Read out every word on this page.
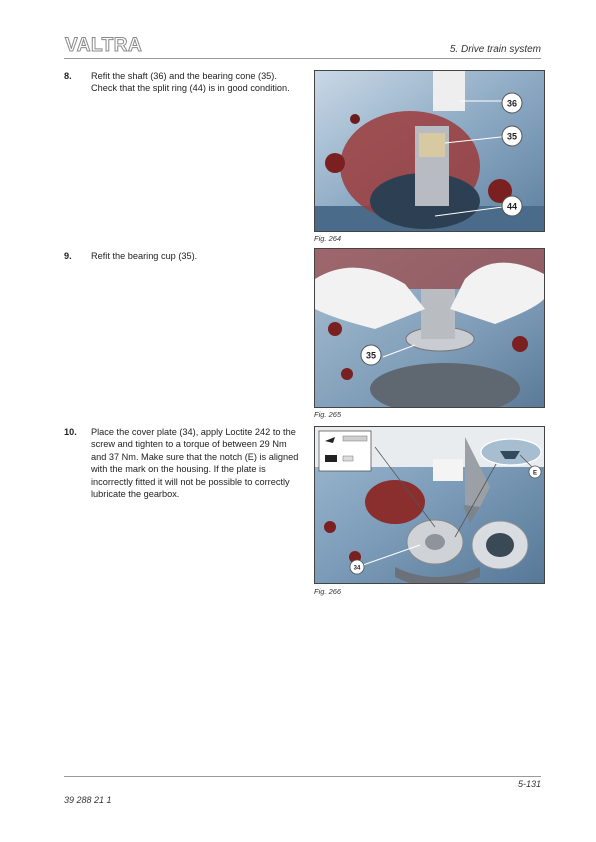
VALTRA	5. Drive train system
8. Refit the shaft (36) and the bearing cone (35). Check that the split ring (44) is in good condition.
36
35
44
Fig. 264
9. Refit the bearing cup (35).
35
Fig. 265
10. Place the cover plate (34), apply Loctite 242 to the screw and tighten to a torque of between 29 Nm and 37 Nm. Make sure that the notch (E) is aligned with the mark on the housing. If the plate is incorrectly fitted it will not be possible to correctly lubricate the gearbox.
E
34
Fig. 266
5-131
39 288 21 1
